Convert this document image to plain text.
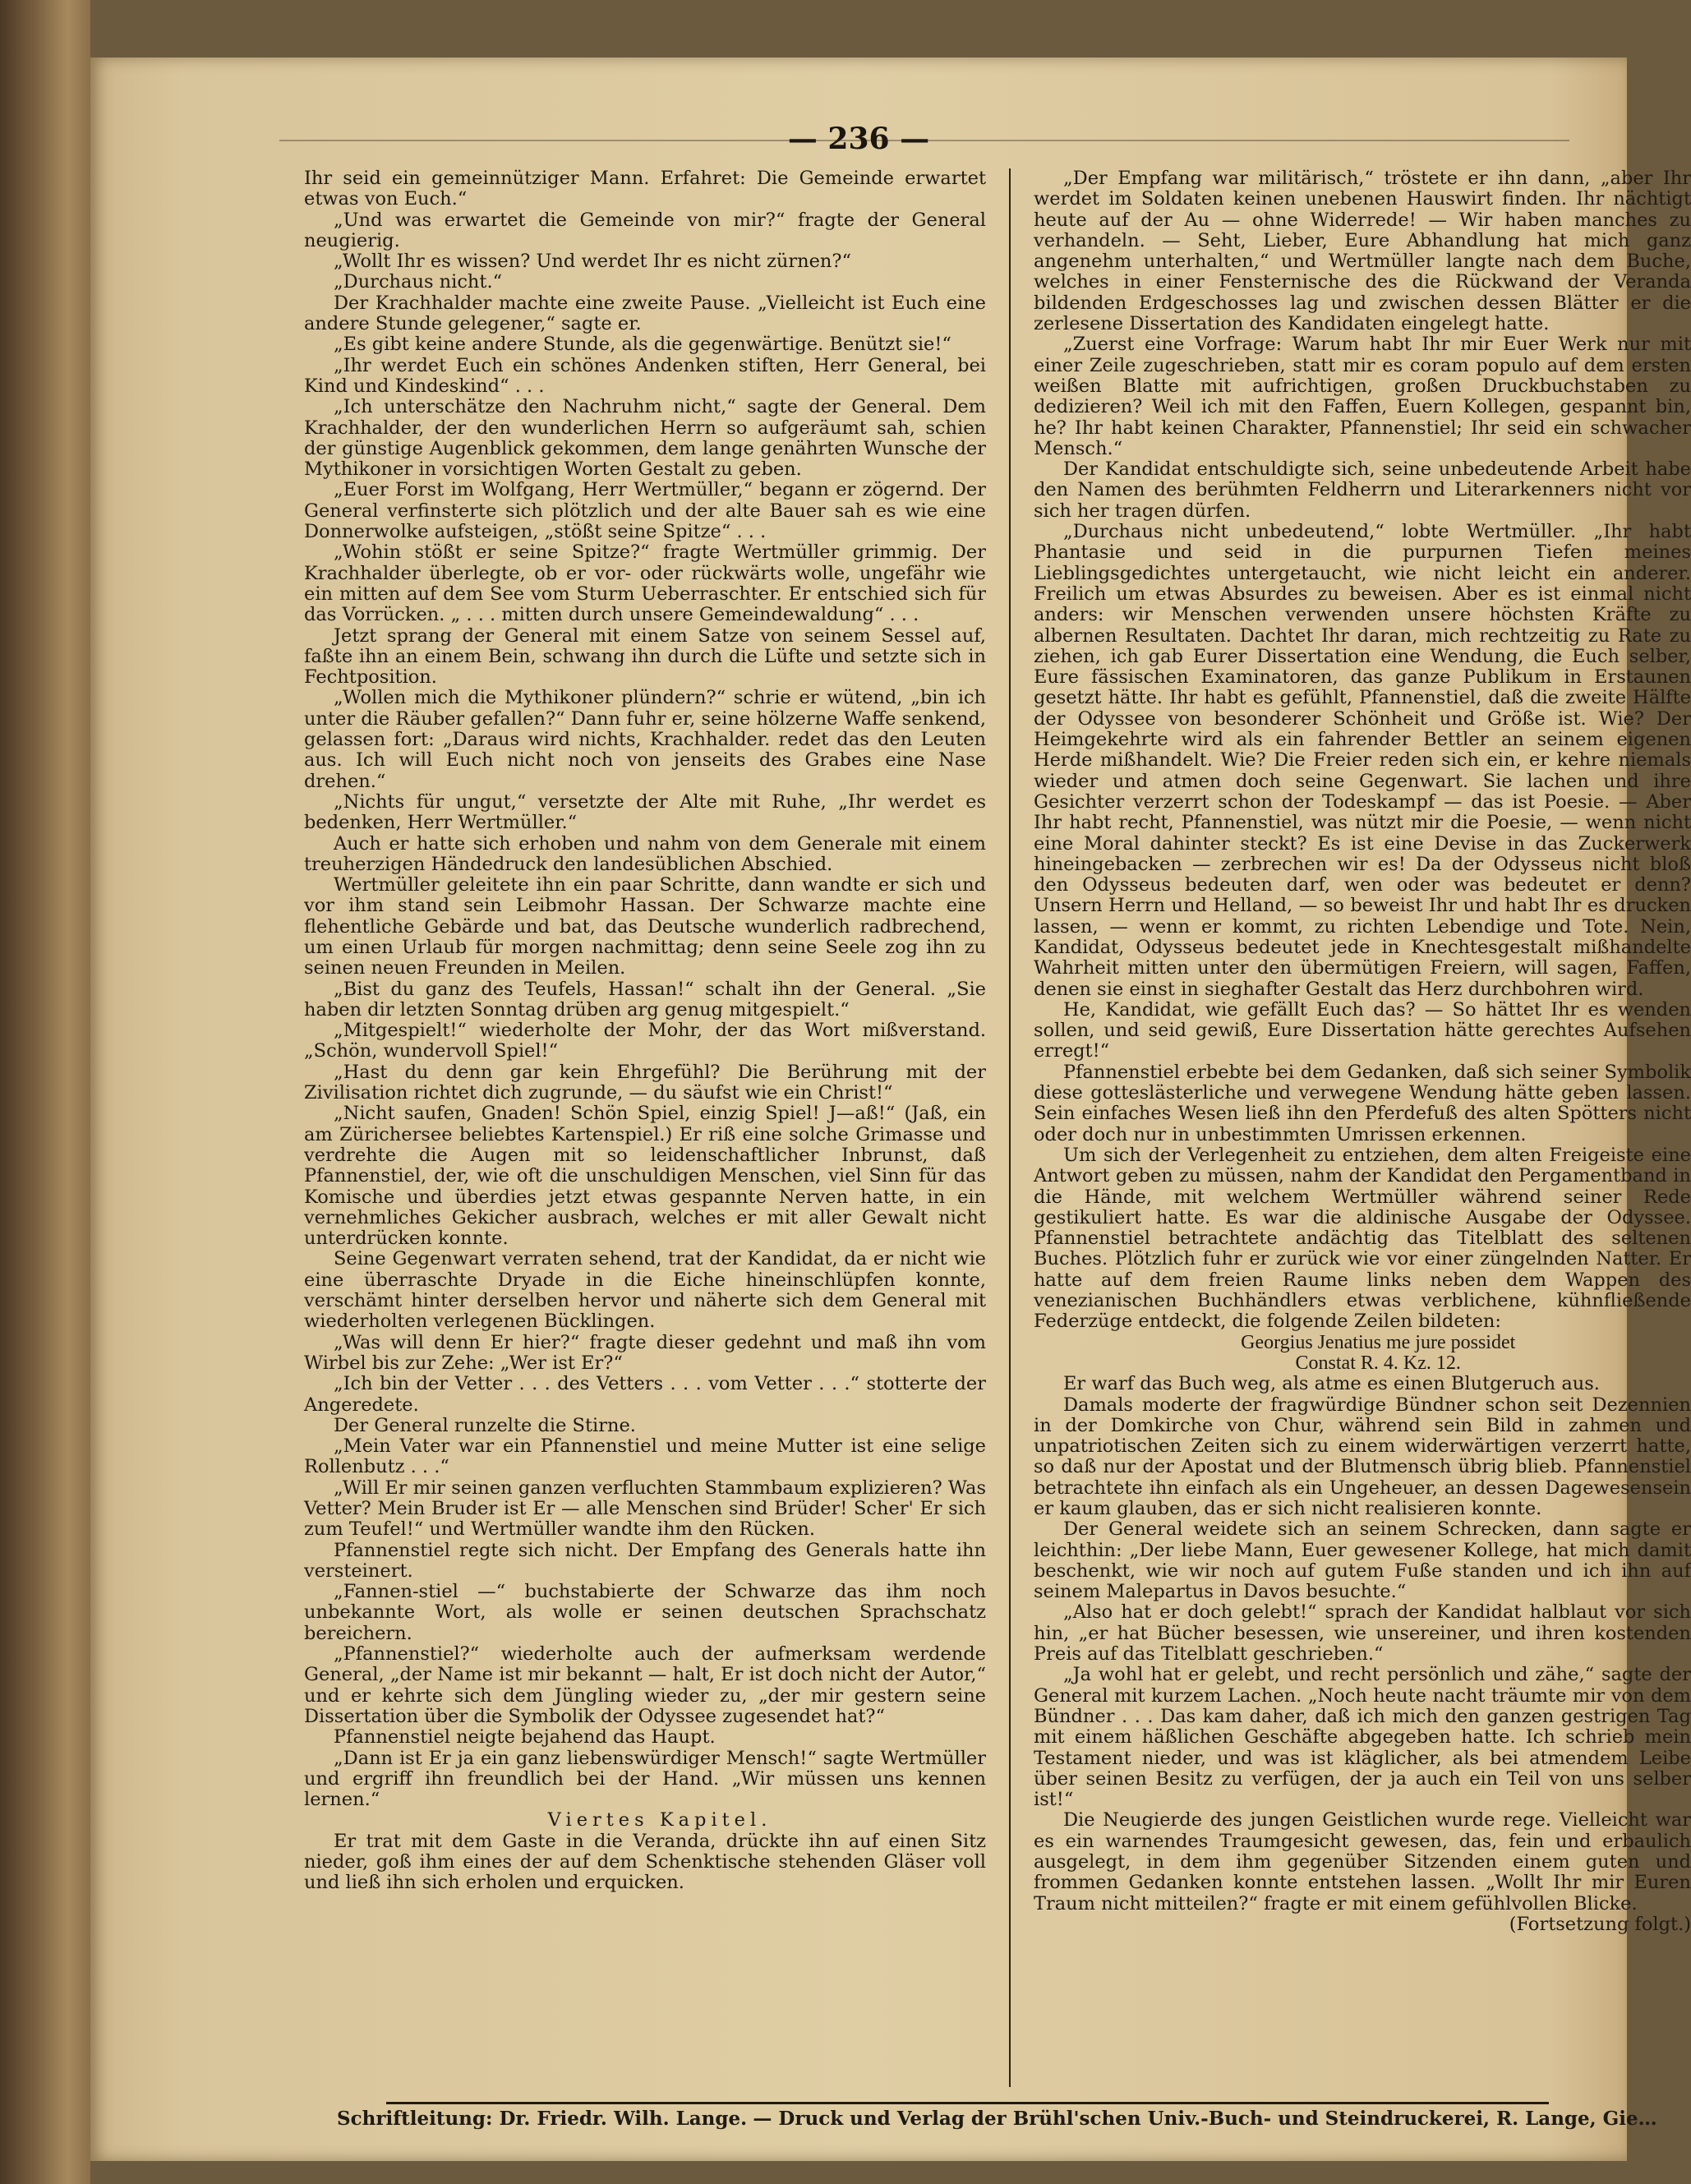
— 236 —

Ihr seid ein gemeinnütziger Mann. Erfahret: Die Gemeinde erwartet etwas von Euch.“

„Und was erwartet die Gemeinde von mir?“ fragte der General neugierig.

„Wollt Ihr es wissen? Und werdet Ihr es nicht zürnen?“

„Durchaus nicht.“

Der Krachhalder machte eine zweite Pause. „Vielleicht ist Euch eine andere Stunde gelegener,“ sagte er.

„Es gibt keine andere Stunde, als die gegenwärtige. Benützt sie!“

„Ihr werdet Euch ein schönes Andenken stiften, Herr General, bei Kind und Kindeskind“ . . .

„Ich unterschätze den Nachruhm nicht,“ sagte der General. Dem Krachhalder, der den wunderlichen Herrn so aufgeräumt sah, schien der günstige Augenblick gekommen, dem lange genährten Wunsche der Mythikoner in vorsichtigen Worten Gestalt zu geben.

„Euer Forst im Wolfgang, Herr Wertmüller,“ begann er zögernd. Der General verfinsterte sich plötzlich und der alte Bauer sah es wie eine Donnerwolke aufsteigen, „stößt seine Spitze“ . . .

„Wohin stößt er seine Spitze?“ fragte Wertmüller grimmig. Der Krachhalder überlegte, ob er vor- oder rückwärts wolle, ungefähr wie ein mitten auf dem See vom Sturm Ueberraschter. Er entschied sich für das Vorrücken. „ . . . mitten durch unsere Gemeindewaldung“ . . .

Jetzt sprang der General mit einem Satze von seinem Sessel auf, faßte ihn an einem Bein, schwang ihn durch die Lüfte und setzte sich in Fechtposition.

„Wollen mich die Mythikoner plündern?“ schrie er wütend, „bin ich unter die Räuber gefallen?“ Dann fuhr er, seine hölzerne Waffe senkend, gelassen fort: „Daraus wird nichts, Krachhalder. redet das den Leuten aus. Ich will Euch nicht noch von jenseits des Grabes eine Nase drehen.“

„Nichts für ungut,“ versetzte der Alte mit Ruhe, „Ihr werdet es bedenken, Herr Wertmüller.“

Auch er hatte sich erhoben und nahm von dem Generale mit einem treuherzigen Händedruck den landesüblichen Abschied.

Wertmüller geleitete ihn ein paar Schritte, dann wandte er sich und vor ihm stand sein Leibmohr Hassan. Der Schwarze machte eine flehentliche Gebärde und bat, das Deutsche wunderlich radbrechend, um einen Urlaub für morgen nachmittag; denn seine Seele zog ihn zu seinen neuen Freunden in Meilen.

„Bist du ganz des Teufels, Hassan!“ schalt ihn der General. „Sie haben dir letzten Sonntag drüben arg genug mitgespielt.“

„Mitgespielt!“ wiederholte der Mohr, der das Wort mißverstand. „Schön, wundervoll Spiel!“

„Hast du denn gar kein Ehrgefühl? Die Berührung mit der Zivilisation richtet dich zugrunde, — du säufst wie ein Christ!“

„Nicht saufen, Gnaden! Schön Spiel, einzig Spiel! J—aß!“ (Jaß, ein am Zürichersee beliebtes Kartenspiel.) Er riß eine solche Grimasse und verdrehte die Augen mit so leidenschaftlicher Inbrunst, daß Pfannenstiel, der, wie oft die unschuldigen Menschen, viel Sinn für das Komische und überdies jetzt etwas gespannte Nerven hatte, in ein vernehmliches Gekicher ausbrach, welches er mit aller Gewalt nicht unterdrücken konnte.

Seine Gegenwart verraten sehend, trat der Kandidat, da er nicht wie eine überraschte Dryade in die Eiche hineinschlüpfen konnte, verschämt hinter derselben hervor und näherte sich dem General mit wiederholten verlegenen Bücklingen.

„Was will denn Er hier?“ fragte dieser gedehnt und maß ihn vom Wirbel bis zur Zehe: „Wer ist Er?“

„Ich bin der Vetter . . . des Vetters . . . vom Vetter . . .“ stotterte der Angeredete.

Der General runzelte die Stirne.

„Mein Vater war ein Pfannenstiel und meine Mutter ist eine selige Rollenbutz . . .“

„Will Er mir seinen ganzen verfluchten Stammbaum explizieren? Was Vetter? Mein Bruder ist Er — alle Menschen sind Brüder! Scher' Er sich zum Teufel!“ und Wertmüller wandte ihm den Rücken.

Pfannenstiel regte sich nicht. Der Empfang des Generals hatte ihn versteinert.

„Fannen-stiel —“ buchstabierte der Schwarze das ihm noch unbekannte Wort, als wolle er seinen deutschen Sprachschatz bereichern.

„Pfannenstiel?“ wiederholte auch der aufmerksam werdende General, „der Name ist mir bekannt — halt, Er ist doch nicht der Autor,“ und er kehrte sich dem Jüngling wieder zu, „der mir gestern seine Dissertation über die Symbolik der Odyssee zugesendet hat?“

Pfannenstiel neigte bejahend das Haupt.

„Dann ist Er ja ein ganz liebenswürdiger Mensch!“ sagte Wertmüller und ergriff ihn freundlich bei der Hand. „Wir müssen uns kennen lernen.“

Viertes Kapitel.

Er trat mit dem Gaste in die Veranda, drückte ihn auf einen Sitz nieder, goß ihm eines der auf dem Schenktische stehenden Gläser voll und ließ ihn sich erholen und erquicken.

„Der Empfang war militärisch,“ tröstete er ihn dann, „aber Ihr werdet im Soldaten keinen unebenen Hauswirt finden. Ihr nächtigt heute auf der Au — ohne Widerrede! — Wir haben manches zu verhandeln. — Seht, Lieber, Eure Abhandlung hat mich ganz angenehm unterhalten,“ und Wertmüller langte nach dem Buche, welches in einer Fensternische des die Rückwand der Veranda bildenden Erdgeschosses lag und zwischen dessen Blätter er die zerlesene Dissertation des Kandidaten eingelegt hatte.

„Zuerst eine Vorfrage: Warum habt Ihr mir Euer Werk nur mit einer Zeile zugeschrieben, statt mir es coram populo auf dem ersten weißen Blatte mit aufrichtigen, großen Druckbuchstaben zu dedizieren? Weil ich mit den Faffen, Euern Kollegen, gespannt bin, he? Ihr habt keinen Charakter, Pfannenstiel; Ihr seid ein schwacher Mensch.“

Der Kandidat entschuldigte sich, seine unbedeutende Arbeit habe den Namen des berühmten Feldherrn und Literarkenners nicht vor sich her tragen dürfen.

„Durchaus nicht unbedeutend,“ lobte Wertmüller. „Ihr habt Phantasie und seid in die purpurnen Tiefen meines Lieblingsgedichtes untergetaucht, wie nicht leicht ein anderer. Freilich um etwas Absurdes zu beweisen. Aber es ist einmal nicht anders: wir Menschen verwenden unsere höchsten Kräfte zu albernen Resultaten. Dachtet Ihr daran, mich rechtzeitig zu Rate zu ziehen, ich gab Eurer Dissertation eine Wendung, die Euch selber, Eure fässischen Examinatoren, das ganze Publikum in Erstaunen gesetzt hätte. Ihr habt es gefühlt, Pfannenstiel, daß die zweite Hälfte der Odyssee von besonderer Schönheit und Größe ist. Wie? Der Heimgekehrte wird als ein fahrender Bettler an seinem eigenen Herde mißhandelt. Wie? Die Freier reden sich ein, er kehre niemals wieder und atmen doch seine Gegenwart. Sie lachen und ihre Gesichter verzerrt schon der Todeskampf — das ist Poesie. — Aber Ihr habt recht, Pfannenstiel, was nützt mir die Poesie, — wenn nicht eine Moral dahinter steckt? Es ist eine Devise in das Zuckerwerk hineingebacken — zerbrechen wir es! Da der Odysseus nicht bloß den Odysseus bedeuten darf, wen oder was bedeutet er denn? Unsern Herrn und Helland, — so beweist Ihr und habt Ihr es drucken lassen, — wenn er kommt, zu richten Lebendige und Tote. Nein, Kandidat, Odysseus bedeutet jede in Knechtesgestalt mißhandelte Wahrheit mitten unter den übermütigen Freiern, will sagen, Faffen, denen sie einst in sieghafter Gestalt das Herz durchbohren wird.

He, Kandidat, wie gefällt Euch das? — So hättet Ihr es wenden sollen, und seid gewiß, Eure Dissertation hätte gerechtes Aufsehen erregt!“

Pfannenstiel erbebte bei dem Gedanken, daß sich seiner Symbolik diese gotteslästerliche und verwegene Wendung hätte geben lassen. Sein einfaches Wesen ließ ihn den Pferdefuß des alten Spötters nicht oder doch nur in unbestimmten Umrissen erkennen.

Um sich der Verlegenheit zu entziehen, dem alten Freigeiste eine Antwort geben zu müssen, nahm der Kandidat den Pergamentband in die Hände, mit welchem Wertmüller während seiner Rede gestikuliert hatte. Es war die aldinische Ausgabe der Odyssee. Pfannenstiel betrachtete andächtig das Titelblatt des seltenen Buches. Plötzlich fuhr er zurück wie vor einer züngelnden Natter. Er hatte auf dem freien Raume links neben dem Wappen des venezianischen Buchhändlers etwas verblichene, kühnfließende Federzüge entdeckt, die folgende Zeilen bildeten:

Georgius Jenatius me jure possidet

Constat R. 4. Kz. 12.

Er warf das Buch weg, als atme es einen Blutgeruch aus.

Damals moderte der fragwürdige Bündner schon seit Dezennien in der Domkirche von Chur, während sein Bild in zahmen und unpatriotischen Zeiten sich zu einem widerwärtigen verzerrt hatte, so daß nur der Apostat und der Blutmensch übrig blieb. Pfannenstiel betrachtete ihn einfach als ein Ungeheuer, an dessen Dagewesensein er kaum glauben, das er sich nicht realisieren konnte.

Der General weidete sich an seinem Schrecken, dann sagte er leichthin: „Der liebe Mann, Euer gewesener Kollege, hat mich damit beschenkt, wie wir noch auf gutem Fuße standen und ich ihn auf seinem Malepartus in Davos besuchte.“

„Also hat er doch gelebt!“ sprach der Kandidat halblaut vor sich hin, „er hat Bücher besessen, wie unsereiner, und ihren kostenden Preis auf das Titelblatt geschrieben.“

„Ja wohl hat er gelebt, und recht persönlich und zähe,“ sagte der General mit kurzem Lachen. „Noch heute nacht träumte mir von dem Bündner . . . Das kam daher, daß ich mich den ganzen gestrigen Tag mit einem häßlichen Geschäfte abgegeben hatte. Ich schrieb mein Testament nieder, und was ist kläglicher, als bei atmendem Leibe über seinen Besitz zu verfügen, der ja auch ein Teil von uns selber ist!“

Die Neugierde des jungen Geistlichen wurde rege. Vielleicht war es ein warnendes Traumgesicht gewesen, das, fein und erbaulich ausgelegt, in dem ihm gegenüber Sitzenden einem guten und frommen Gedanken konnte entstehen lassen. „Wollt Ihr mir Euren Traum nicht mitteilen?“ fragte er mit einem gefühlvollen Blicke.

(Fortsetzung folgt.)

Schriftleitung: Dr. Friedr. Wilh. Lange. — Druck und Verlag der Brühl'schen Univ.-Buch- und Steindruckerei, R. Lange, Gie…
